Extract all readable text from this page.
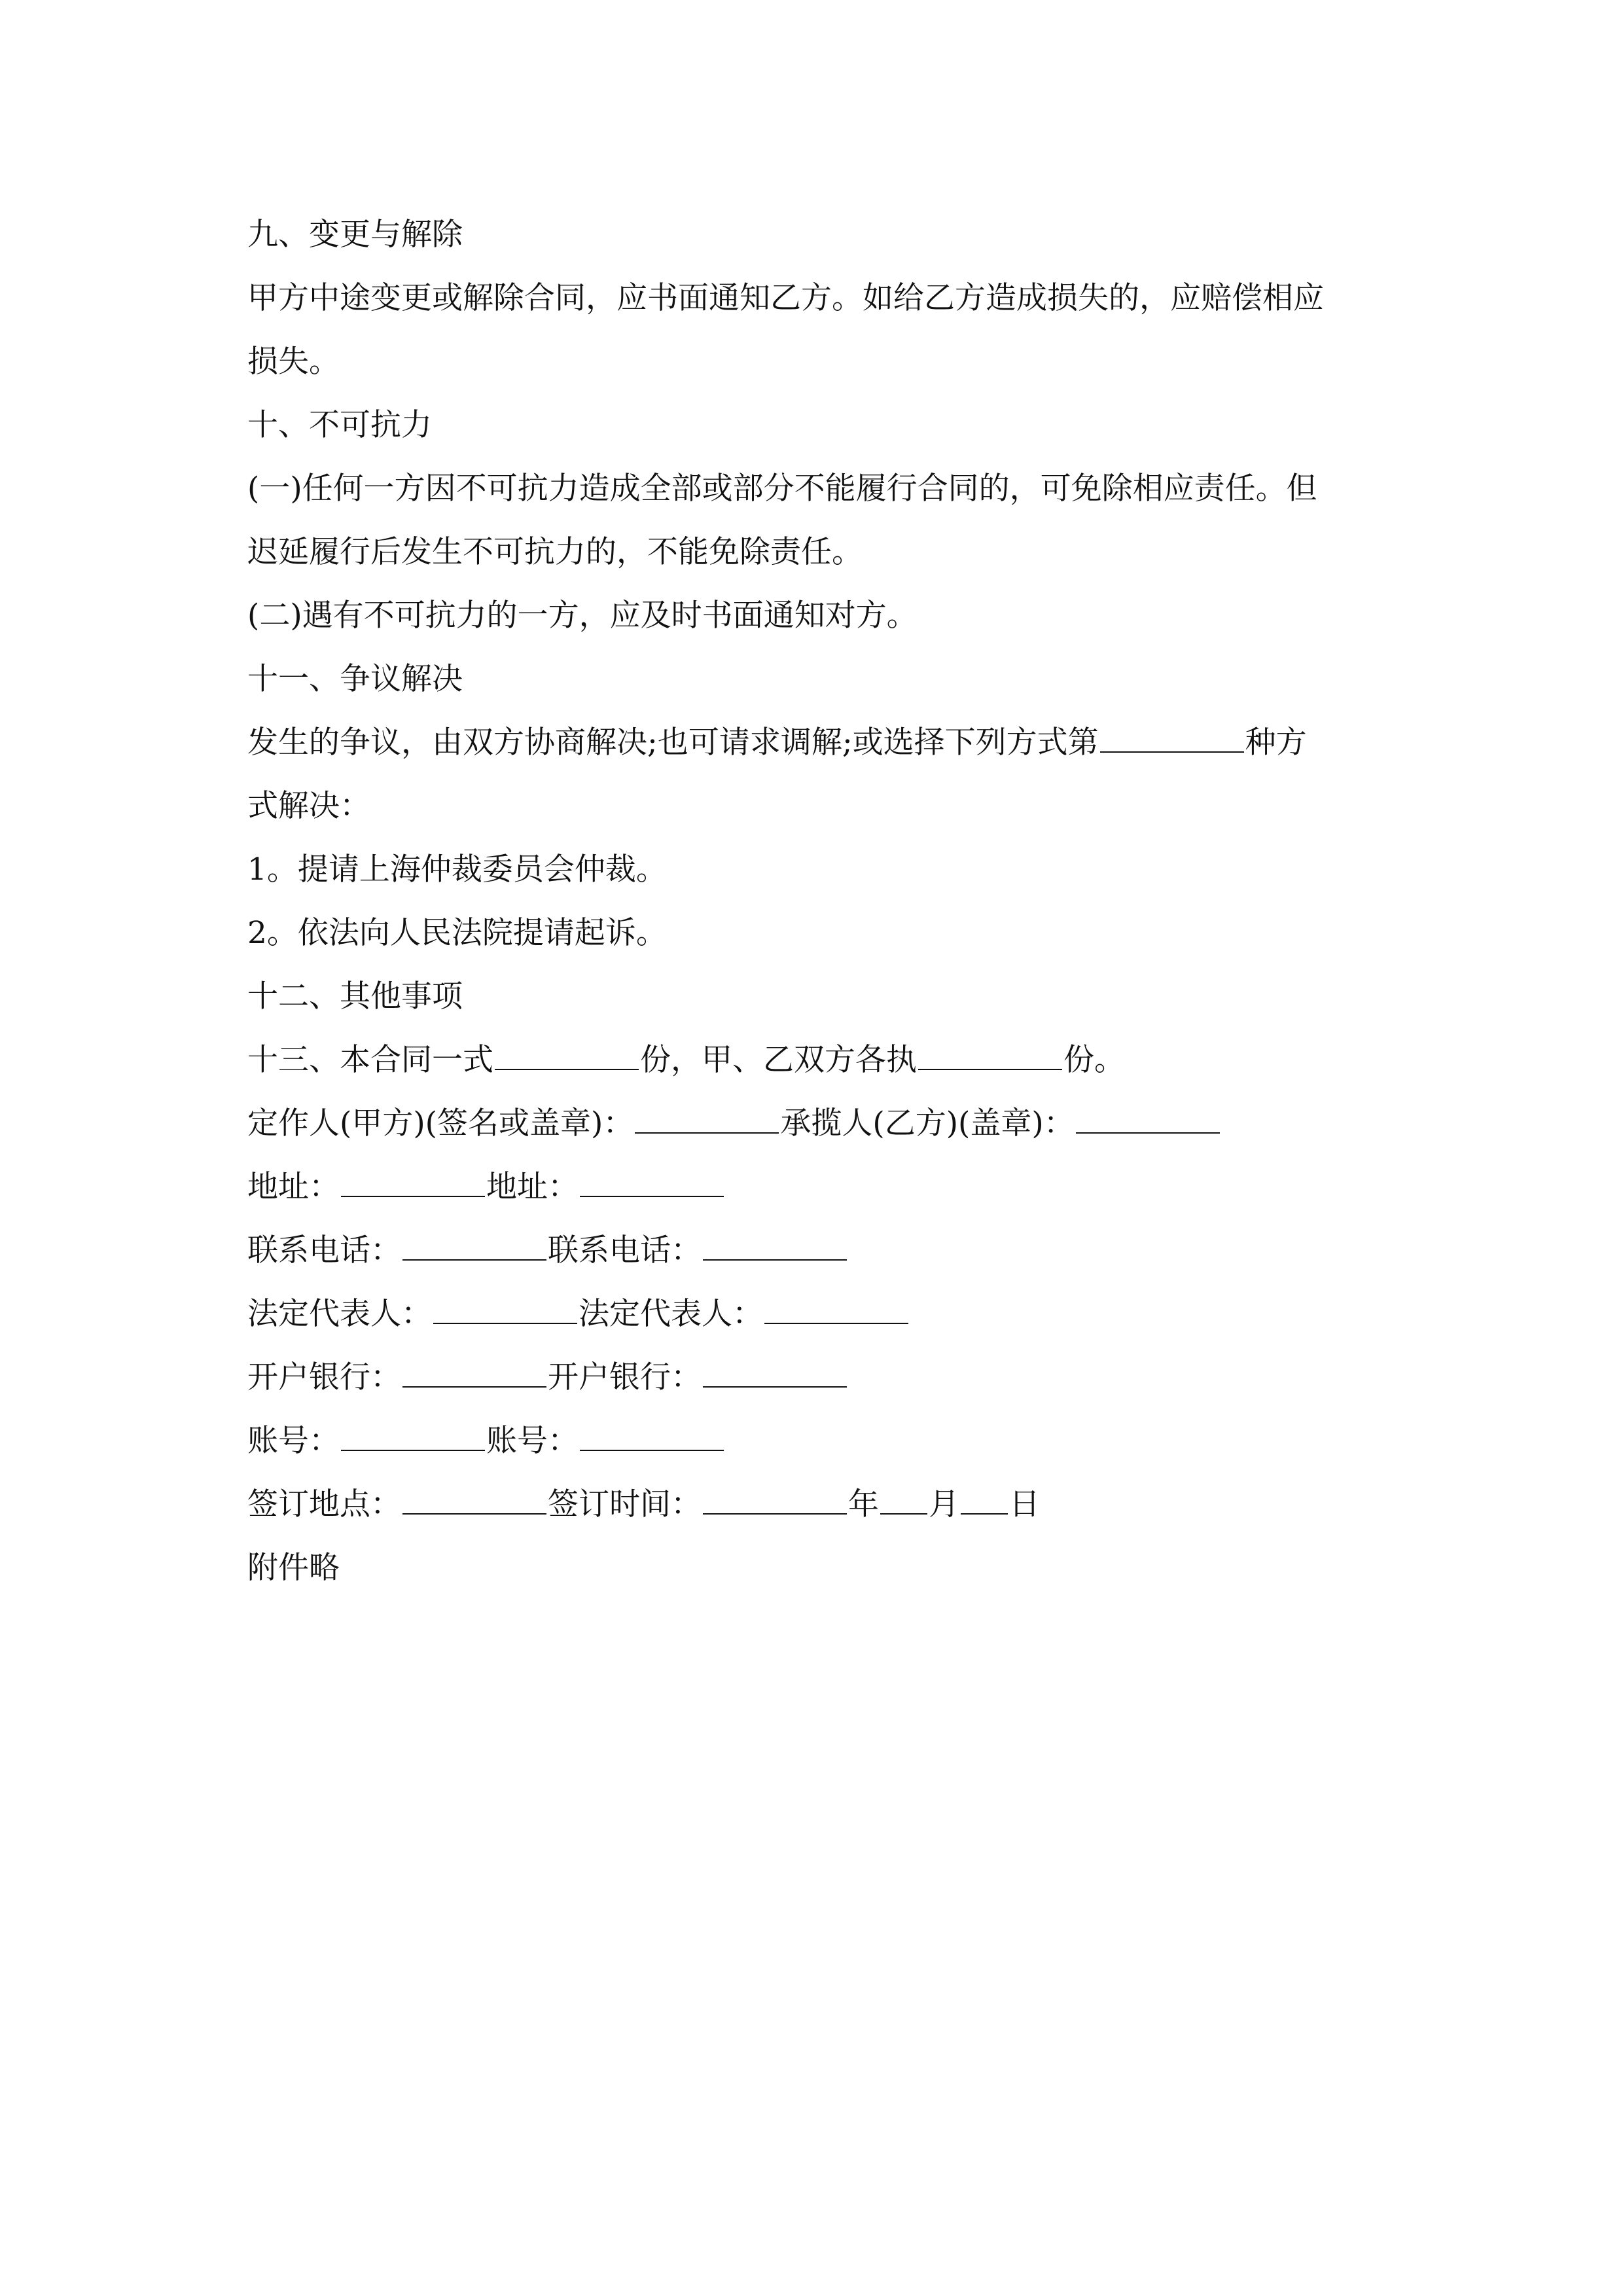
九、变更与解除
甲方中途变更或解除合同，应书面通知乙方。如给乙方造成损失的，应赔偿相应
损失。
十、不可抗力
(一)任何一方因不可抗力造成全部或部分不能履行合同的，可免除相应责任。但
迟延履行后发生不可抗力的，不能免除责任。
(二)遇有不可抗力的一方，应及时书面通知对方。
十一、争议解决
发生的争议，由双方协商解决;也可请求调解;或选择下列方式第	种方
式解决：
1。提请上海仲裁委员会仲裁。
2。依法向人民法院提请起诉。
十二、其他事项
十三、本合同一式	份，甲、乙双方各执	份。
定作人(甲方)(签名或盖章)：	承揽人(乙方)(盖章)：
地址：	地址：
联系电话：	联系电话：
法定代表人：	法定代表人：
开户银行：	开户银行：
账号：	账号：
签订地点：	签订时间：	年 月 日
附件略
